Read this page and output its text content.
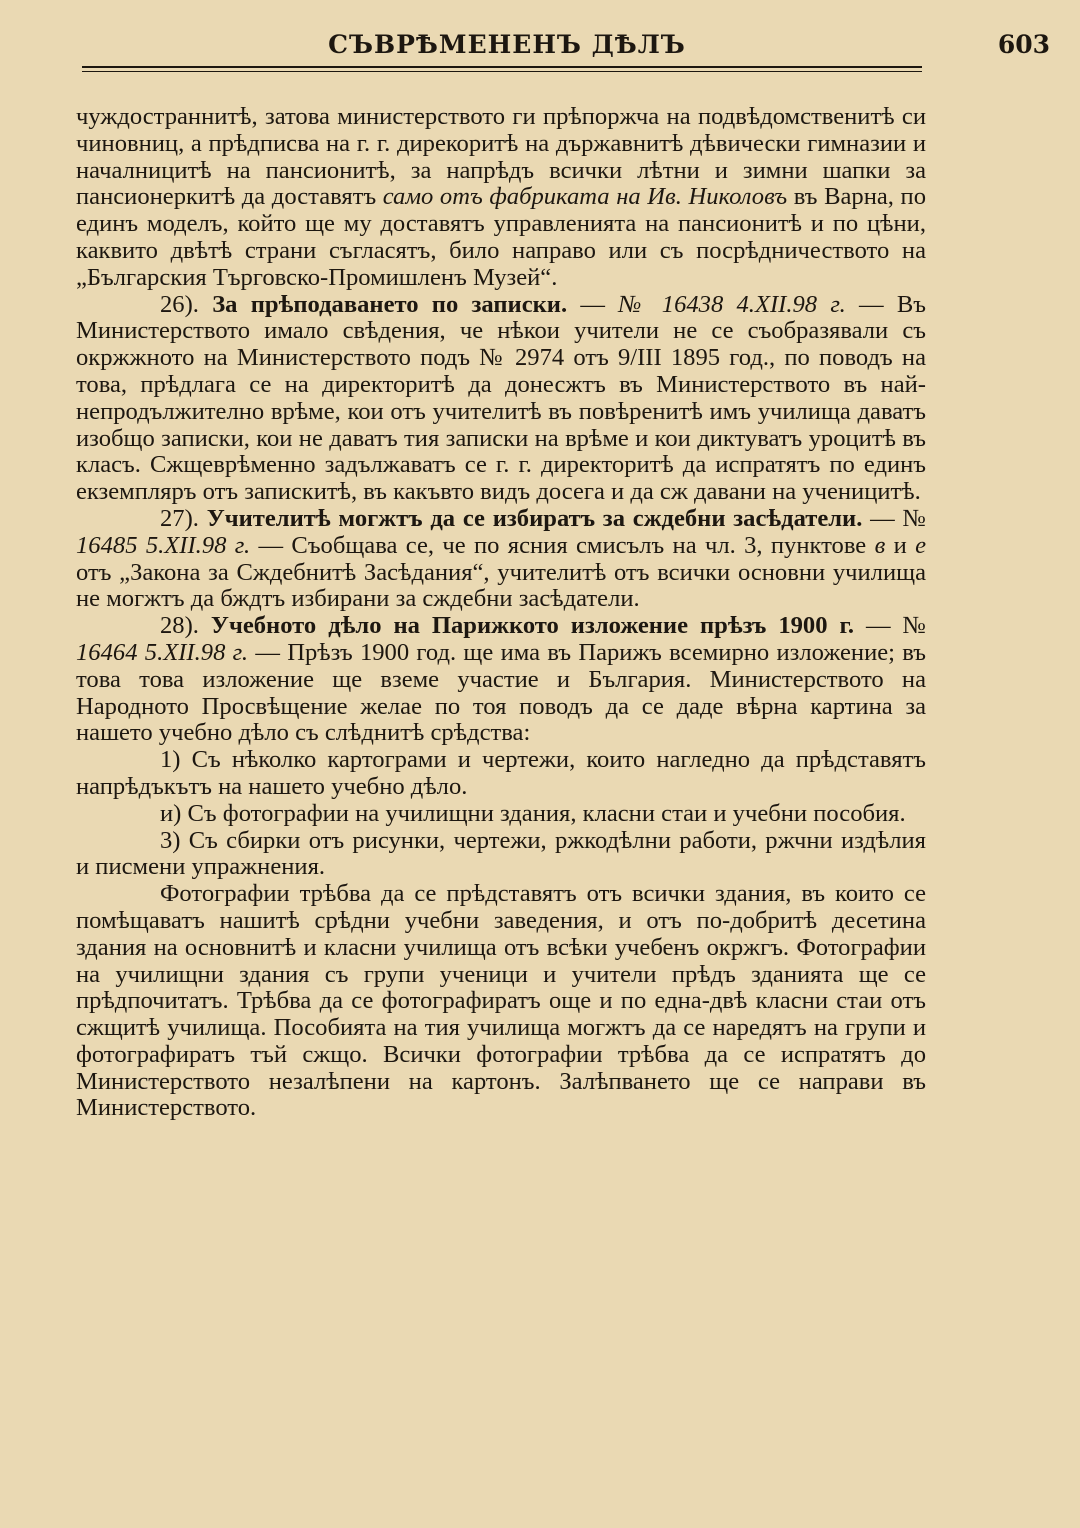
СЪВРѢМЕНЕНЪ ДѢЛЪ	603

чуждостраннитѣ, затова министерството ги прѣпоржча на подвѣдомственитѣ си чиновниц, а прѣдписва на г. г. дирекоритѣ на държавнитѣ дѣвически гимназии и началницитѣ на пансионитѣ, за напрѣдъ всички лѣтни и зимни шапки за пансионеркитѣ да доставятъ само отъ фабриката на Ив. Николовъ въ Варна, по единъ моделъ, който ще му доставятъ управленията на пансионитѣ и по цѣни, каквито двѣтѣ страни съгласятъ, било направо или съ посрѣдничеството на „Българския Търговско-Промишленъ Музей“.

26). За прѣподаването по записки. — № 16438 4.XII.98 г. — Въ Министерството имало свѣдения, че нѣкои учители не се съобразявали съ окржжното на Министерството подъ № 2974 отъ 9/III 1895 год., по поводъ на това, прѣдлага се на директоритѣ да донесжтъ въ Министерството въ най-непродължително врѣме, кои отъ учителитѣ въ повѣренитѣ имъ училища даватъ изобщо записки, кои не даватъ тия записки на врѣме и кои диктуватъ уроцитѣ въ класъ. Сжщеврѣменно задължаватъ се г. г. директоритѣ да испратятъ по единъ екземпляръ отъ запискитѣ, въ какъвто видъ досега и да сж давани на ученицитѣ.

27). Учителитѣ могжтъ да се избиратъ за сждебни засѣдатели. — № 16485 5.XII.98 г. — Съобщава се, че по ясния смисълъ на чл. 3, пунктове в и е отъ „Закона за Сждебнитѣ Засѣдания“, учителитѣ отъ всички основни училища не могжтъ да бждтъ избирани за сждебни засѣдатели.

28). Учебното дѣло на Парижкото изложение прѣзъ 1900 г. — № 16464 5.XII.98 г. — Прѣзъ 1900 год. ще има въ Парижъ всемирно изложение; въ това това изложение ще вземе участие и България. Министерството на Народното Просвѣщение желае по тоя поводъ да се даде вѣрна картина за нашето учебно дѣло съ слѣднитѣ срѣдства:

1) Съ нѣколко картограми и чертежи, които нагледно да прѣдставятъ напрѣдъкътъ на нашето учебно дѣло.

и) Съ фотографии на училищни здания, класни стаи и учебни пособия.

3) Съ сбирки отъ рисунки, чертежи, ржкодѣлни работи, ржчни издѣлия и писмени упражнения.

Фотографии трѣбва да се прѣдставятъ отъ всички здания, въ които се помѣщаватъ нашитѣ срѣдни учебни заведения, и отъ по-добритѣ десетина здания на основнитѣ и класни училища отъ всѣки учебенъ окржгъ. Фотографии на училищни здания съ групи ученици и учители прѣдъ зданията ще се прѣдпочитатъ. Трѣбва да се фотографиратъ още и по една-двѣ класни стаи отъ сжщитѣ училища. Пособията на тия училища могжтъ да се наредятъ на групи и фотографиратъ тъй сжщо. Всички фотографии трѣбва да се испратятъ до Министерството незалѣпени на картонъ. Залѣпването ще се направи въ Министерството.
